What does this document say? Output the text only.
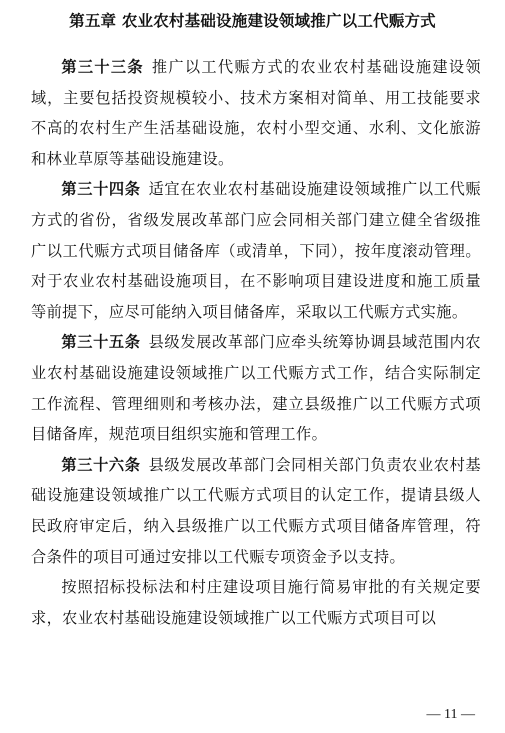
第五章 农业农村基础设施建设领域推广以工代赈方式

第三十三条 推广以工代赈方式的农业农村基础设施建设领域，主要包括投资规模较小、技术方案相对简单、用工技能要求不高的农村生产生活基础设施，农村小型交通、水利、文化旅游和林业草原等基础设施建设。

第三十四条 适宜在农业农村基础设施建设领域推广以工代赈方式的省份，省级发展改革部门应会同相关部门建立健全省级推广以工代赈方式项目储备库（或清单，下同），按年度滚动管理。对于农业农村基础设施项目，在不影响项目建设进度和施工质量等前提下，应尽可能纳入项目储备库，采取以工代赈方式实施。

第三十五条 县级发展改革部门应牵头统筹协调县域范围内农业农村基础设施建设领域推广以工代赈方式工作，结合实际制定工作流程、管理细则和考核办法，建立县级推广以工代赈方式项目储备库，规范项目组织实施和管理工作。

第三十六条 县级发展改革部门会同相关部门负责农业农村基础设施建设领域推广以工代赈方式项目的认定工作，提请县级人民政府审定后，纳入县级推广以工代赈方式项目储备库管理，符合条件的项目可通过安排以工代赈专项资金予以支持。

按照招标投标法和村庄建设项目施行简易审批的有关规定要求，农业农村基础设施建设领域推广以工代赈方式项目可以

— 11 —
